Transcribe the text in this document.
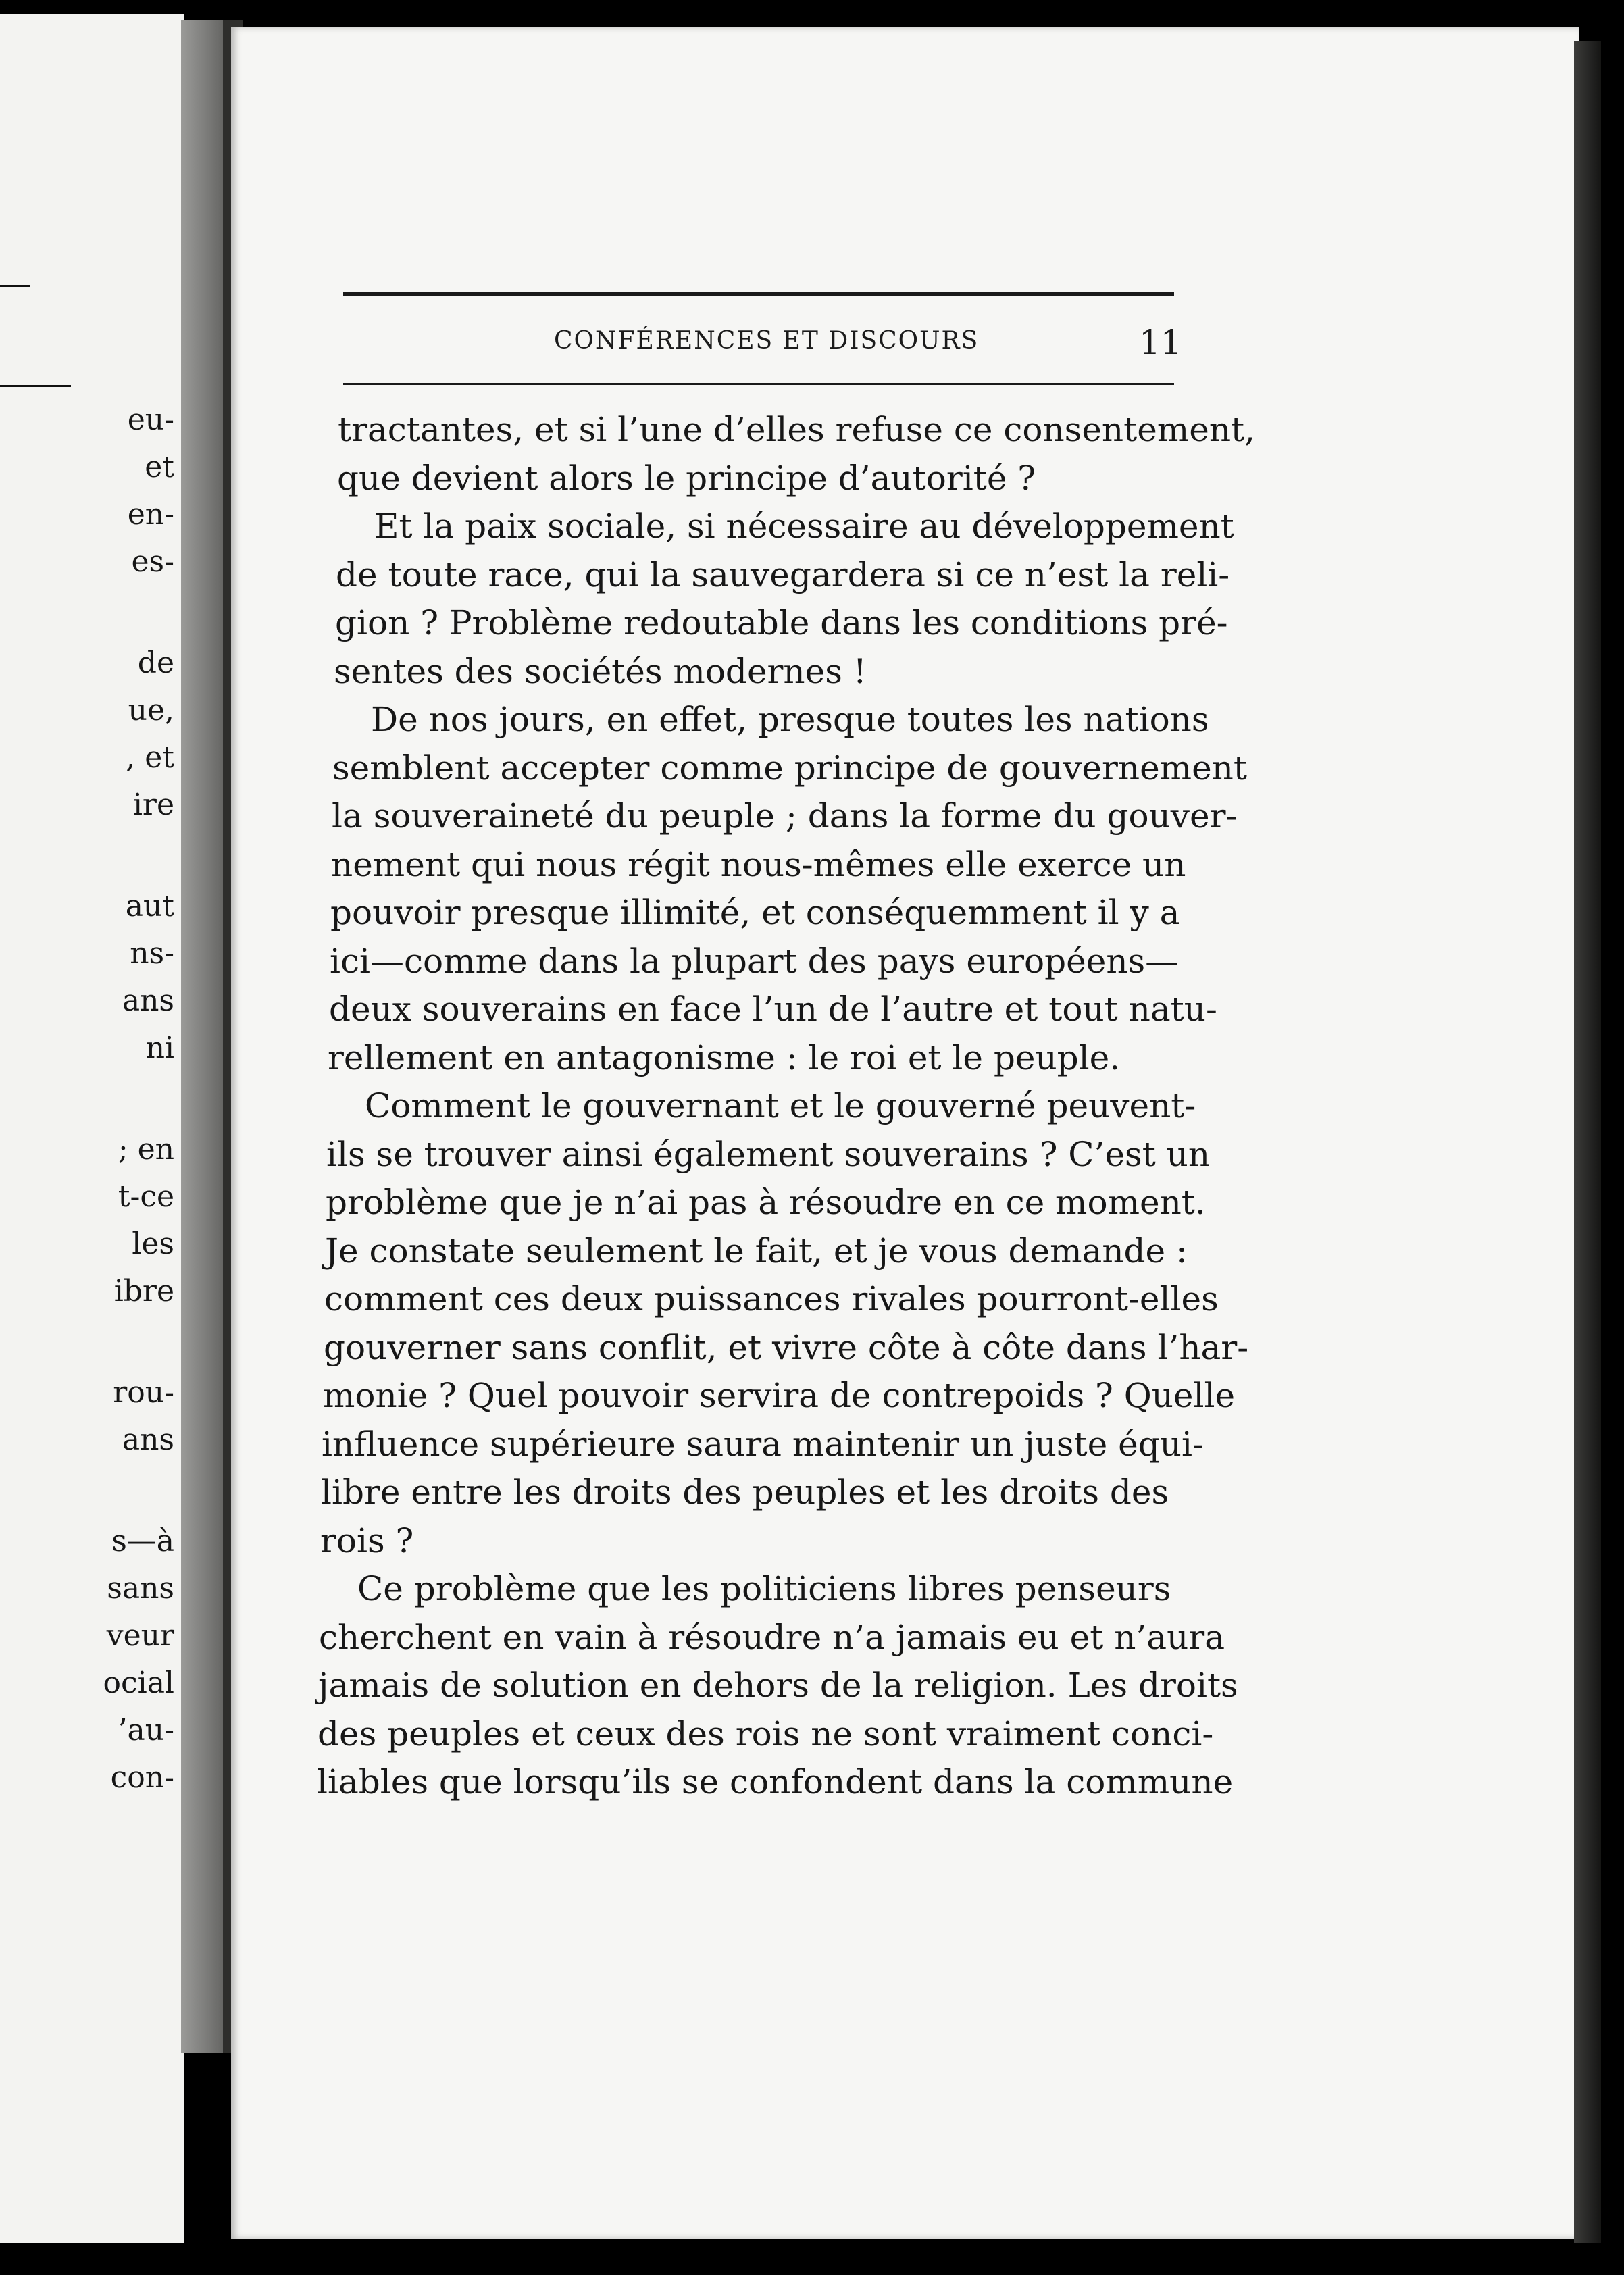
eu-
et
en-
es-
de
ue,
, et
ire
aut
ns-
ans
ni
; en
t-ce
les
ibre
rou-
ans
s—à
sans
veur
ocial
’au-
con-
CONFÉRENCES ET DISCOURS	11
tractantes, et si l’une d’elles refuse ce consentement,
que devient alors le principe d’autorité ?
Et la paix sociale, si nécessaire au développement
de toute race, qui la sauvegardera si ce n’est la reli-
gion ? Problème redoutable dans les conditions pré-
sentes des sociétés modernes !
De nos jours, en effet, presque toutes les nations
semblent accepter comme principe de gouvernement
la souveraineté du peuple ; dans la forme du gouver-
nement qui nous régit nous-mêmes elle exerce un
pouvoir presque illimité, et conséquemment il y a
ici—comme dans la plupart des pays européens—
deux souverains en face l’un de l’autre et tout natu-
rellement en antagonisme : le roi et le peuple.
Comment le gouvernant et le gouverné peuvent-
ils se trouver ainsi également souverains ? C’est un
problème que je n’ai pas à résoudre en ce moment.
Je constate seulement le fait, et je vous demande :
comment ces deux puissances rivales pourront-elles
gouverner sans conflit, et vivre côte à côte dans l’har-
monie ? Quel pouvoir servira de contrepoids ? Quelle
influence supérieure saura maintenir un juste équi-
libre entre les droits des peuples et les droits des
rois ?
Ce problème que les politiciens libres penseurs
cherchent en vain à résoudre n’a jamais eu et n’aura
jamais de solution en dehors de la religion. Les droits
des peuples et ceux des rois ne sont vraiment conci-
liables que lorsqu’ils se confondent dans la commune
